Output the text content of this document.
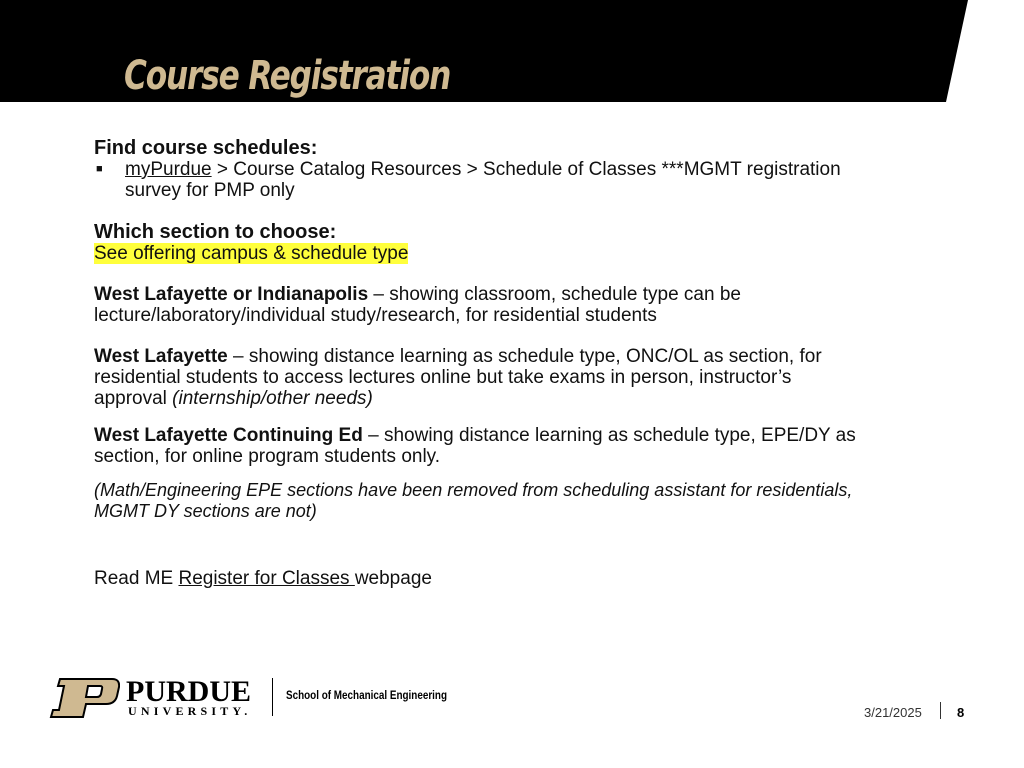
Course Registration
Find course schedules:
■ myPurdue > Course Catalog Resources > Schedule of Classes ***MGMT registration
survey for PMP only
Which section to choose:
See offering campus & schedule type

West Lafayette or Indianapolis – showing classroom, schedule type can be
lecture/laboratory/individual study/research, for residential students

West Lafayette – showing distance learning as schedule type, ONC/OL as section, for
residential students to access lectures online but take exams in person, instructor’s
approval (internship/other needs)

West Lafayette Continuing Ed – showing distance learning as schedule type, EPE/DY as
section, for online program students only.

(Math/Engineering EPE sections have been removed from scheduling assistant for residentials,
MGMT DY sections are not)

Read ME Register for Classes webpage

PURDUE
UNIVERSITY.
School of Mechanical Engineering
3/21/2025	8
